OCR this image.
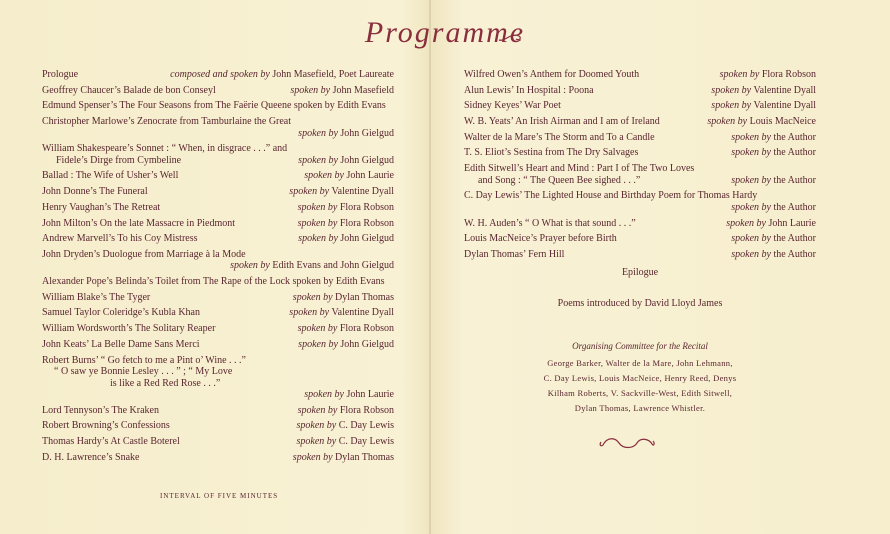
Programme
Prologue	composed and spoken by John Masefield, Poet Laureate
Geoffrey Chaucer’s Balade de bon Conseyl	spoken by John Masefield
Edmund Spenser’s The Four Seasons from The Faërie Queene spoken by Edith Evans
Christopher Marlowe’s Zenocrate from Tamburlaine the Great
spoken by John Gielgud
William Shakespeare’s Sonnet : “ When, in disgrace . . .” and
Fidele’s Dirge from Cymbeline	spoken by John Gielgud
Ballad : The Wife of Usher’s Well	spoken by John Laurie
John Donne’s The Funeral	spoken by Valentine Dyall
Henry Vaughan’s The Retreat	spoken by Flora Robson
John Milton’s On the late Massacre in Piedmont	spoken by Flora Robson
Andrew Marvell’s To his Coy Mistress	spoken by John Gielgud
John Dryden’s Duologue from Marriage à la Mode
spoken by Edith Evans and John Gielgud
Alexander Pope’s Belinda’s Toilet from The Rape of the Lock spoken by Edith Evans
William Blake’s The Tyger	spoken by Dylan Thomas
Samuel Taylor Coleridge’s Kubla Khan	spoken by Valentine Dyall
William Wordsworth’s The Solitary Reaper	spoken by Flora Robson
John Keats’ La Belle Dame Sans Merci	spoken by John Gielgud
Robert Burns’ “ Go fetch to me a Pint o’ Wine . . .”
“ O saw ye Bonnie Lesley . . . ” ; “ My Love
is like a Red Red Rose . . .”
spoken by John Laurie
Lord Tennyson’s The Kraken	spoken by Flora Robson
Robert Browning’s Confessions	spoken by C. Day Lewis
Thomas Hardy’s At Castle Boterel	spoken by C. Day Lewis
D. H. Lawrence’s Snake	spoken by Dylan Thomas
INTERVAL OF FIVE MINUTES
Wilfred Owen’s Anthem for Doomed Youth	spoken by Flora Robson
Alun Lewis’ In Hospital : Poona	spoken by Valentine Dyall
Sidney Keyes’ War Poet	spoken by Valentine Dyall
W. B. Yeats’ An Irish Airman and I am of Ireland	spoken by Louis MacNeice
Walter de la Mare’s The Storm and To a Candle	spoken by the Author
T. S. Eliot’s Sestina from The Dry Salvages	spoken by the Author
Edith Sitwell’s Heart and Mind : Part I of The Two Loves
and Song : “ The Queen Bee sighed . . .”	spoken by the Author
C. Day Lewis’ The Lighted House and Birthday Poem for Thomas Hardy
spoken by the Author
W. H. Auden’s “ O What is that sound . . .”	spoken by John Laurie
Louis MacNeice’s Prayer before Birth	spoken by the Author
Dylan Thomas’ Fern Hill	spoken by the Author
Epilogue
Poems introduced by David Lloyd James
Organising Committee for the Recital
George Barker, Walter de la Mare, John Lehmann,
C. Day Lewis, Louis MacNeice, Henry Reed, Denys
Kilham Roberts, V. Sackville-West, Edith Sitwell,
Dylan Thomas, Lawrence Whistler.
